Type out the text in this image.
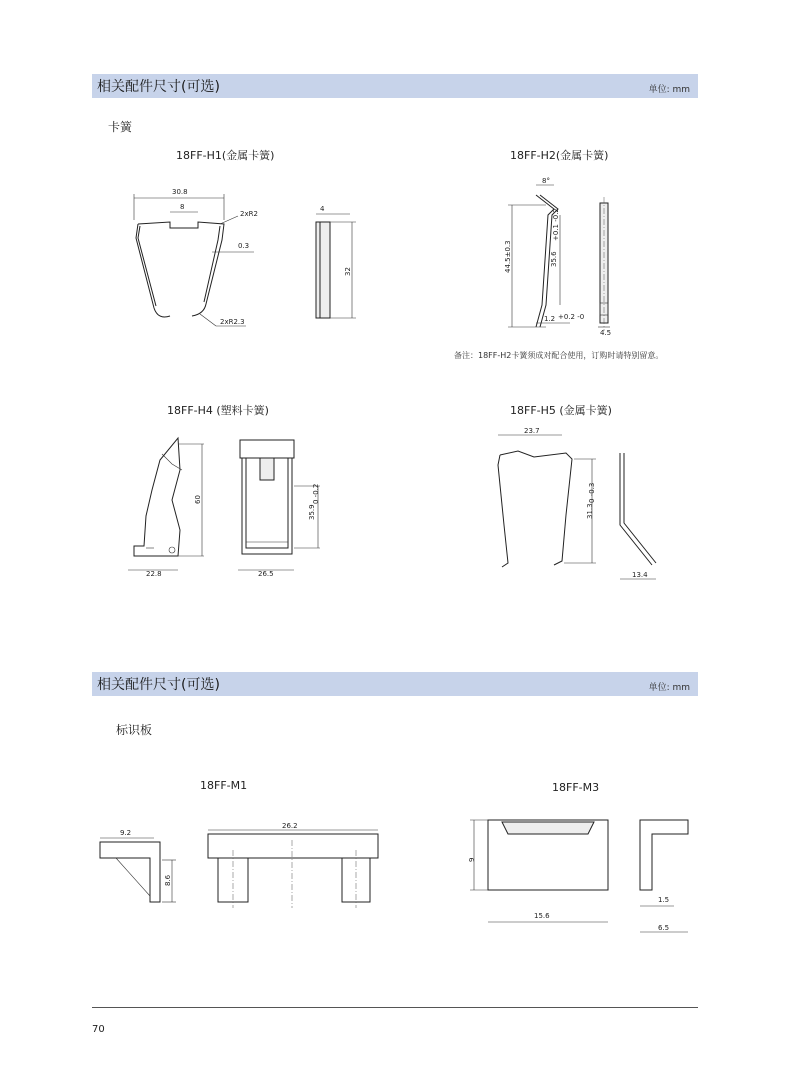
相关配件尺寸(可选)	单位: mm
卡簧
18FF-H1(金属卡簧)
30.8
8
2xR2
0.3
2xR2.3
4
32
18FF-H2(金属卡簧)
8°
44.5±0.3	35.6
+0.1 -0.2
1.2 +0.2 -0
4.5
备注：18FF-H2卡簧须成对配合使用，订购时请特别留意。
18FF-H4 (塑料卡簧)
60
22.8
35.9
0 -0.2
26.5
18FF-H5 (金属卡簧)
23.7
31.3
0 -0.3
13.4
相关配件尺寸(可选)	单位: mm
标识板
18FF-M1
9.2
8.6
26.2
18FF-M3
9
15.6
1.5
6.5
70
